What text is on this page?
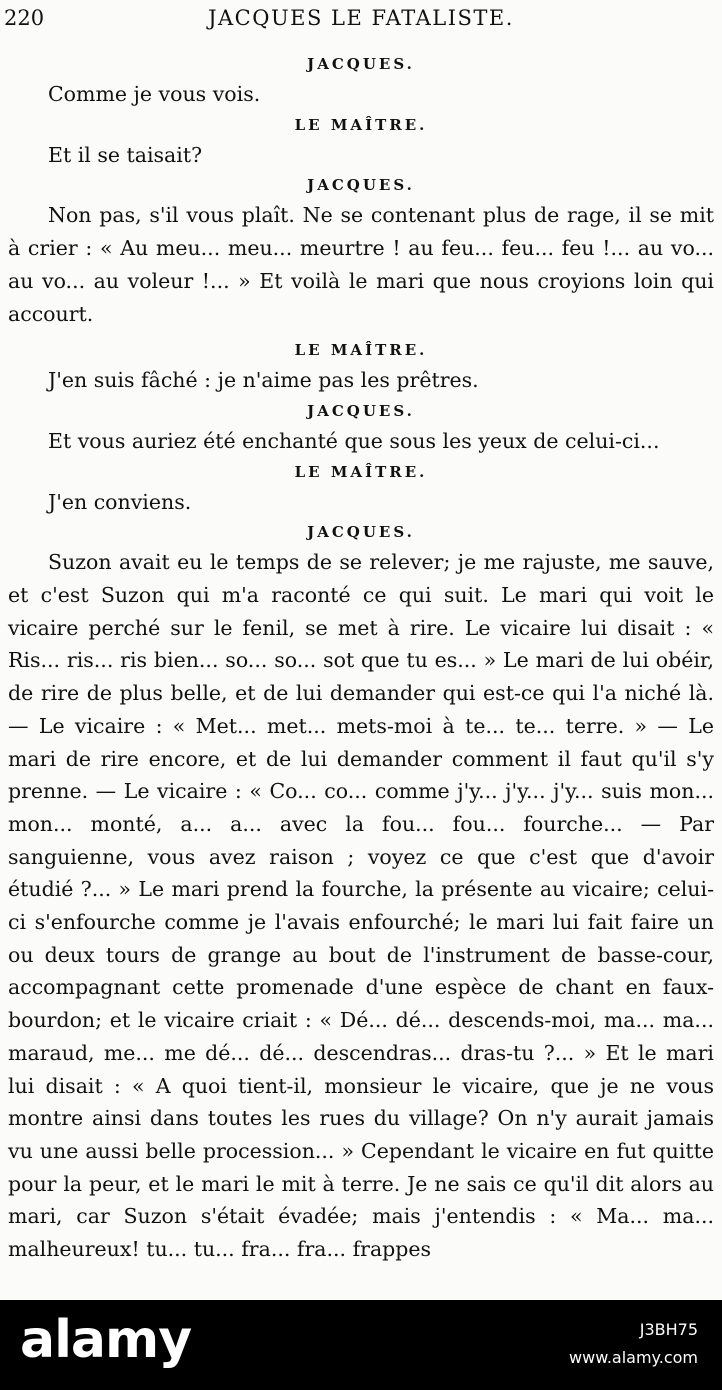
220	JACQUES LE FATALISTE.
JACQUES.

Comme je vous vois.

LE MAÎTRE.

Et il se taisait?

JACQUES.

Non pas, s'il vous plaît. Ne se contenant plus de rage, il se mit à crier : « Au meu... meu... meurtre ! au feu... feu... feu !... au vo... au vo... au voleur !... » Et voilà le mari que nous croyions loin qui accourt.

LE MAÎTRE.

J'en suis fâché : je n'aime pas les prêtres.

JACQUES.

Et vous auriez été enchanté que sous les yeux de celui-ci...

LE MAÎTRE.

J'en conviens.

JACQUES.

Suzon avait eu le temps de se relever; je me rajuste, me sauve, et c'est Suzon qui m'a raconté ce qui suit. Le mari qui voit le vicaire perché sur le fenil, se met à rire. Le vicaire lui disait : « Ris... ris... ris bien... so... so... sot que tu es... » Le mari de lui obéir, de rire de plus belle, et de lui demander qui est-ce qui l'a niché là. — Le vicaire : « Met... met... mets-moi à te... te... terre. » — Le mari de rire encore, et de lui demander comment il faut qu'il s'y prenne. — Le vicaire : « Co... co... comme j'y... j'y... j'y... suis mon... mon... monté, a... a... avec la fou... fou... fourche... — Par sanguienne, vous avez raison ; voyez ce que c'est que d'avoir étudié ?... » Le mari prend la fourche, la présente au vicaire; celui-ci s'enfourche comme je l'avais enfourché; le mari lui fait faire un ou deux tours de grange au bout de l'instrument de basse-cour, accompagnant cette promenade d'une espèce de chant en faux-bourdon; et le vicaire criait : « Dé... dé... descends-moi, ma... ma... maraud, me... me dé... dé... descendras... dras-tu ?... » Et le mari lui disait : « A quoi tient-il, monsieur le vicaire, que je ne vous montre ainsi dans toutes les rues du village? On n'y aurait jamais vu une aussi belle procession... » Cependant le vicaire en fut quitte pour la peur, et le mari le mit à terre. Je ne sais ce qu'il dit alors au mari, car Suzon s'était évadée; mais j'entendis : « Ma... ma... malheureux! tu... tu... fra... fra... frappes

alamy	J3BH75
www.alamy.com
